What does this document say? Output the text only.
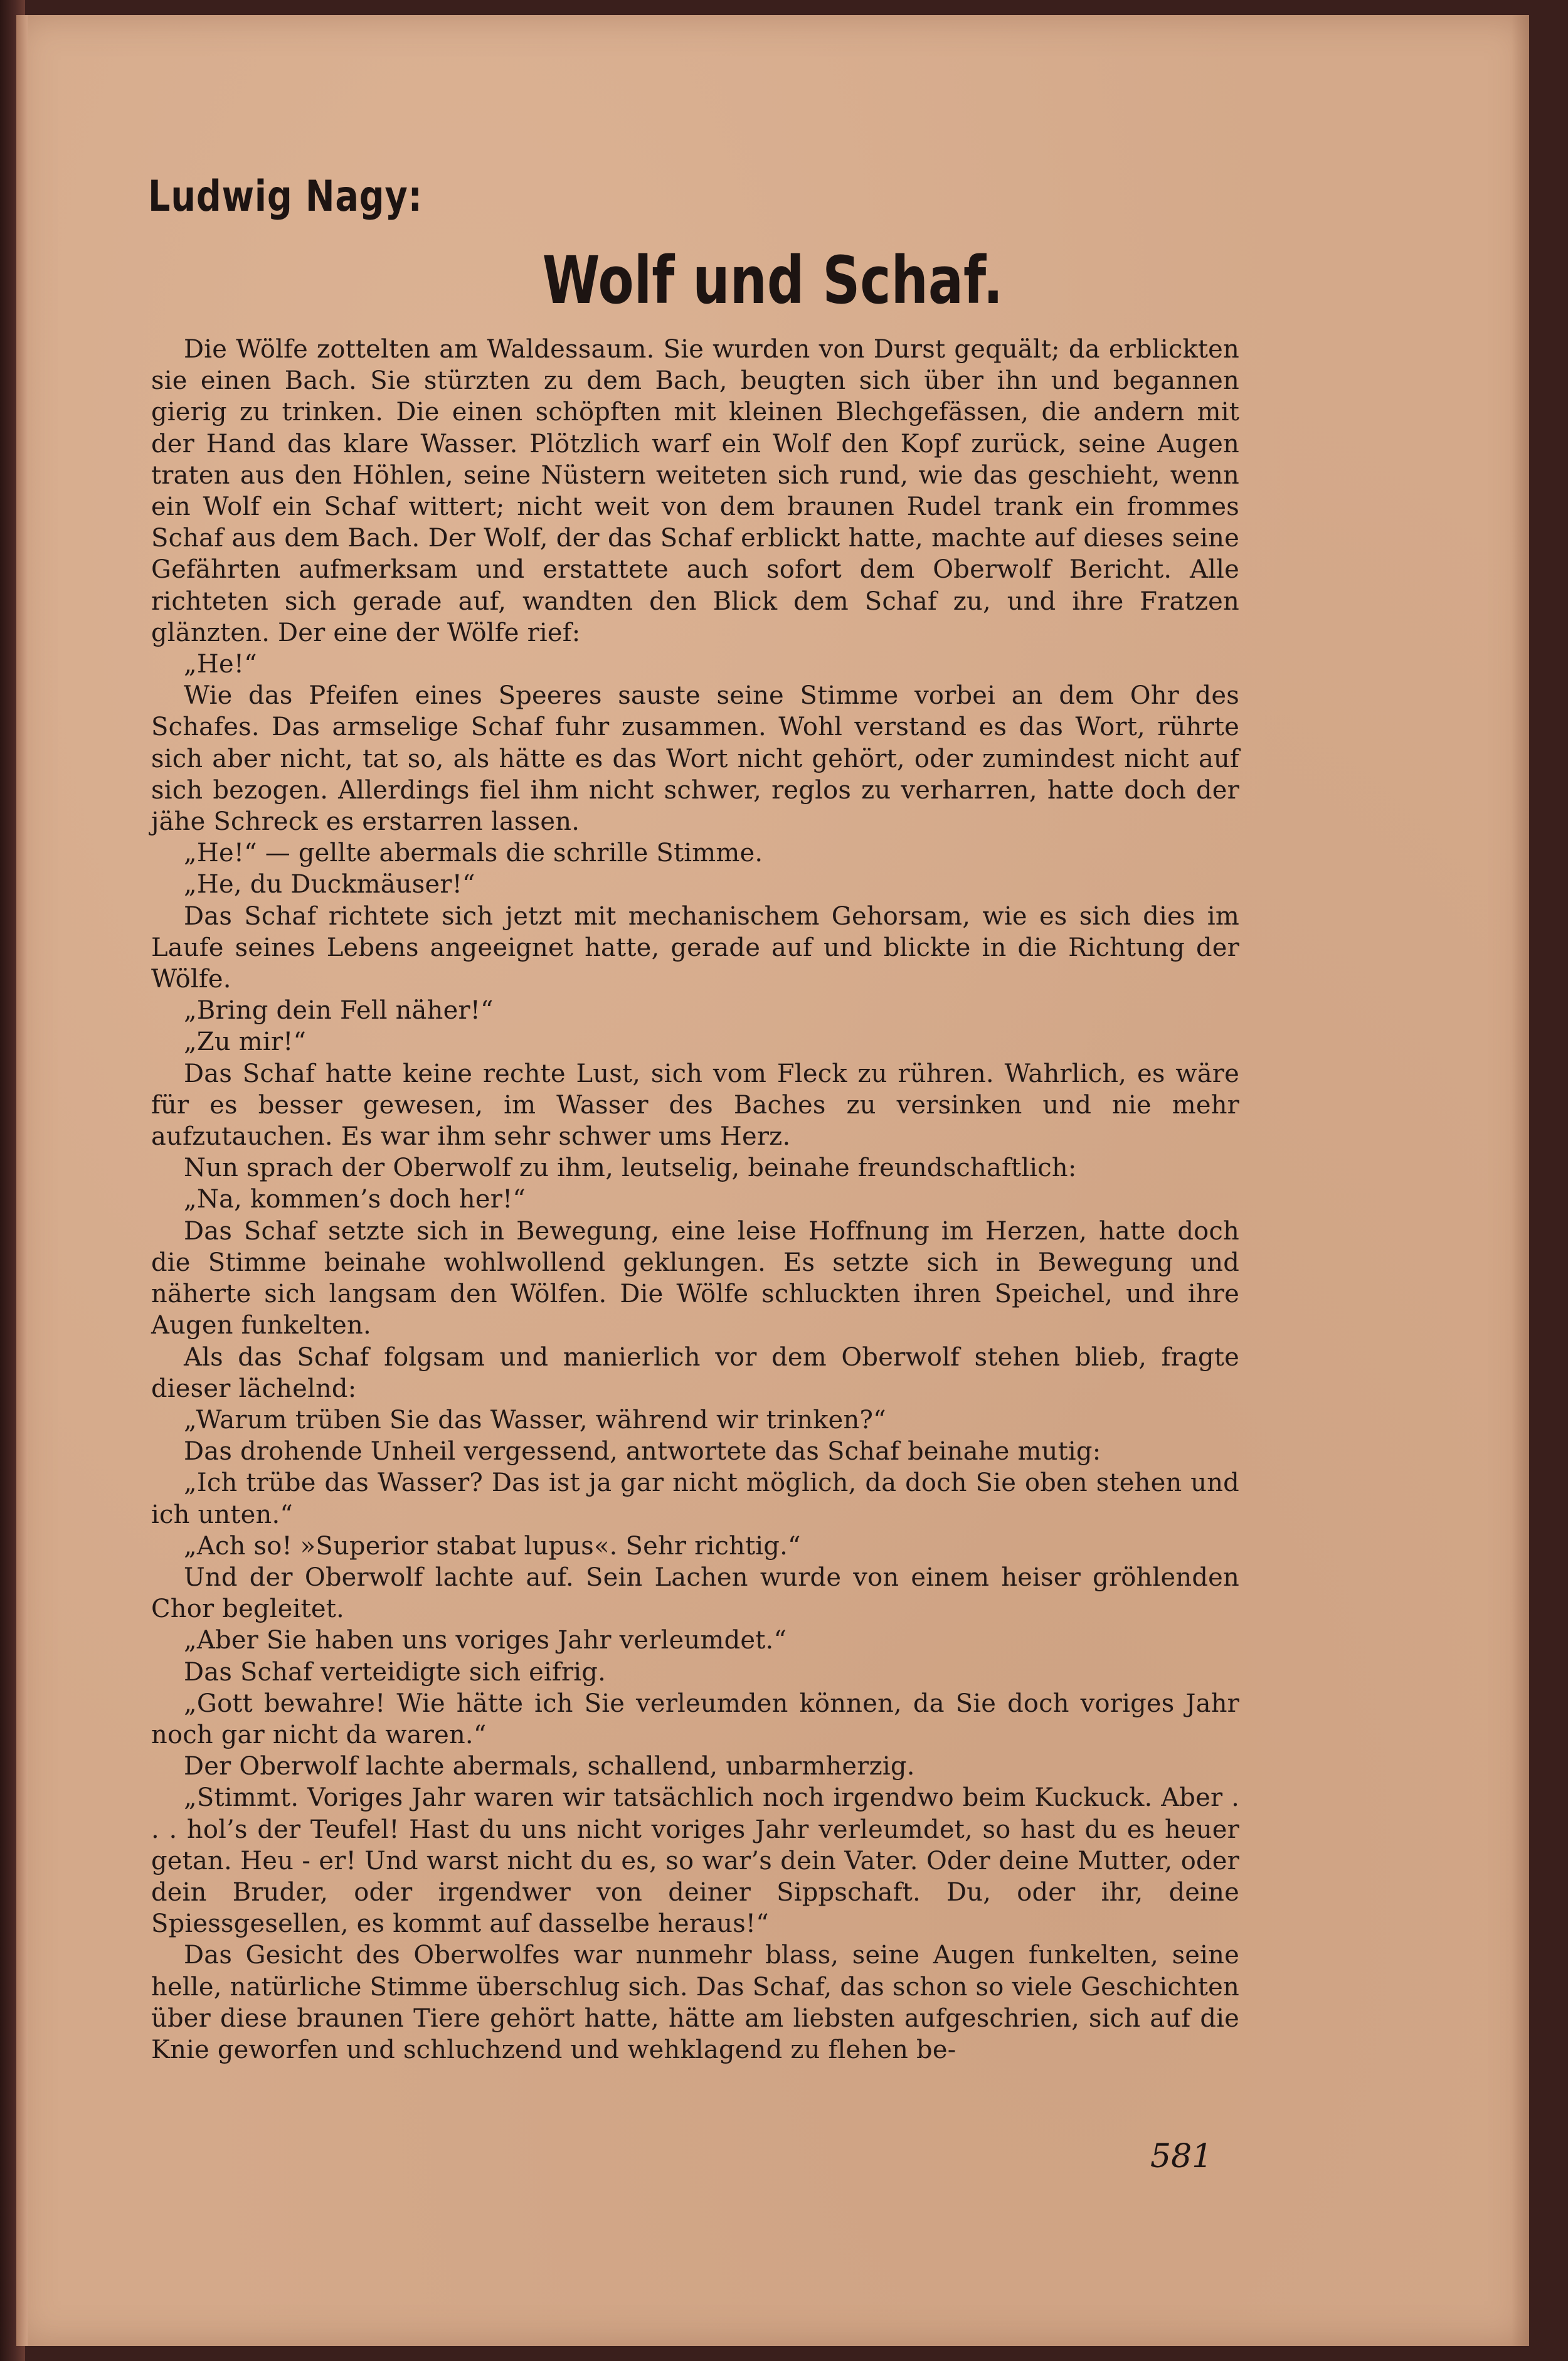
Ludwig Nagy:
Wolf und Schaf.

Die Wölfe zottelten am Waldessaum. Sie wurden von Durst gequält; da erblickten sie einen Bach. Sie stürzten zu dem Bach, beugten sich über ihn und begannen gierig zu trinken. Die einen schöpften mit kleinen Blechgefässen, die andern mit der Hand das klare Wasser. Plötzlich warf ein Wolf den Kopf zurück, seine Augen traten aus den Höhlen, seine Nüstern weiteten sich rund, wie das geschieht, wenn ein Wolf ein Schaf wittert; nicht weit von dem braunen Rudel trank ein frommes Schaf aus dem Bach. Der Wolf, der das Schaf erblickt hatte, machte auf dieses seine Gefährten aufmerksam und erstattete auch sofort dem Oberwolf Bericht. Alle richteten sich gerade auf, wandten den Blick dem Schaf zu, und ihre Fratzen glänzten. Der eine der Wölfe rief:

„He!“

Wie das Pfeifen eines Speeres sauste seine Stimme vorbei an dem Ohr des Schafes. Das armselige Schaf fuhr zusammen. Wohl verstand es das Wort, rührte sich aber nicht, tat so, als hätte es das Wort nicht gehört, oder zumindest nicht auf sich bezogen. Allerdings fiel ihm nicht schwer, reglos zu verharren, hatte doch der jähe Schreck es erstarren lassen.

„He!“ — gellte abermals die schrille Stimme.

„He, du Duckmäuser!“

Das Schaf richtete sich jetzt mit mechanischem Gehorsam, wie es sich dies im Laufe seines Lebens angeeignet hatte, gerade auf und blickte in die Richtung der Wölfe.

„Bring dein Fell näher!“

„Zu mir!“

Das Schaf hatte keine rechte Lust, sich vom Fleck zu rühren. Wahrlich, es wäre für es besser gewesen, im Wasser des Baches zu versinken und nie mehr aufzutauchen. Es war ihm sehr schwer ums Herz.

Nun sprach der Oberwolf zu ihm, leutselig, beinahe freundschaftlich:

„Na, kommen’s doch her!“

Das Schaf setzte sich in Bewegung, eine leise Hoffnung im Herzen, hatte doch die Stimme beinahe wohlwollend geklungen. Es setzte sich in Bewegung und näherte sich langsam den Wölfen. Die Wölfe schluckten ihren Speichel, und ihre Augen funkelten.

Als das Schaf folgsam und manierlich vor dem Oberwolf stehen blieb, fragte dieser lächelnd:

„Warum trüben Sie das Wasser, während wir trinken?“

Das drohende Unheil vergessend, antwortete das Schaf beinahe mutig:

„Ich trübe das Wasser? Das ist ja gar nicht möglich, da doch Sie oben stehen und ich unten.“

„Ach so! »Superior stabat lupus«. Sehr richtig.“

Und der Oberwolf lachte auf. Sein Lachen wurde von einem heiser gröhlenden Chor begleitet.

„Aber Sie haben uns voriges Jahr verleumdet.“

Das Schaf verteidigte sich eifrig.

„Gott bewahre! Wie hätte ich Sie verleumden können, da Sie doch voriges Jahr noch gar nicht da waren.“

Der Oberwolf lachte abermals, schallend, unbarmherzig.

„Stimmt. Voriges Jahr waren wir tatsächlich noch irgendwo beim Kuckuck. Aber . . . hol’s der Teufel! Hast du uns nicht voriges Jahr verleumdet, so hast du es heuer getan. Heu - er! Und warst nicht du es, so war’s dein Vater. Oder deine Mutter, oder dein Bruder, oder irgendwer von deiner Sippschaft. Du, oder ihr, deine Spiessgesellen, es kommt auf dasselbe heraus!“

Das Gesicht des Oberwolfes war nunmehr blass, seine Augen funkelten, seine helle, natürliche Stimme überschlug sich. Das Schaf, das schon so viele Geschichten über diese braunen Tiere gehört hatte, hätte am liebsten aufgeschrien, sich auf die Knie geworfen und schluchzend und wehklagend zu flehen be-

581
